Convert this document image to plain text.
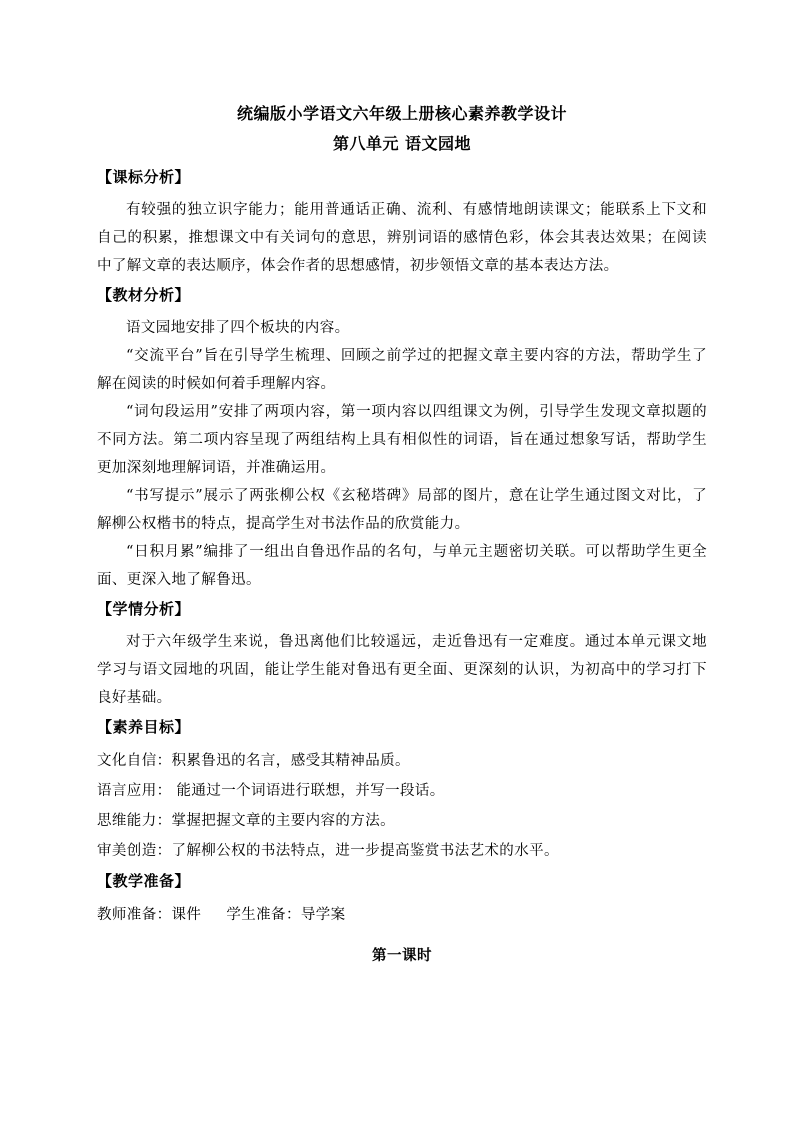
统编版小学语文六年级上册核心素养教学设计
第八单元 语文园地
【课标分析】

有较强的独立识字能力；能用普通话正确、流利、有感情地朗读课文；能联系上下文和自己的积累，推想课文中有关词句的意思，辨别词语的感情色彩，体会其表达效果；在阅读中了解文章的表达顺序，体会作者的思想感情，初步领悟文章的基本表达方法。

【教材分析】

语文园地安排了四个板块的内容。

“交流平台”旨在引导学生梳理、回顾之前学过的把握文章主要内容的方法，帮助学生了解在阅读的时候如何着手理解内容。

“词句段运用”安排了两项内容，第一项内容以四组课文为例，引导学生发现文章拟题的不同方法。第二项内容呈现了两组结构上具有相似性的词语，旨在通过想象写话，帮助学生更加深刻地理解词语，并准确运用。

“书写提示”展示了两张柳公权《玄秘塔碑》局部的图片，意在让学生通过图文对比，了解柳公权楷书的特点，提高学生对书法作品的欣赏能力。

“日积月累”编排了一组出自鲁迅作品的名句，与单元主题密切关联。可以帮助学生更全面、更深入地了解鲁迅。

【学情分析】

对于六年级学生来说，鲁迅离他们比较遥远，走近鲁迅有一定难度。通过本单元课文地学习与语文园地的巩固，能让学生能对鲁迅有更全面、更深刻的认识，为初高中的学习打下良好基础。

【素养目标】

文化自信：积累鲁迅的名言，感受其精神品质。

语言应用： 能通过一个词语进行联想，并写一段话。

思维能力：掌握把握文章的主要内容的方法。

审美创造：了解柳公权的书法特点，进一步提高鉴赏书法艺术的水平。

【教学准备】

教师准备：课件     学生准备：导学案

第一课时
